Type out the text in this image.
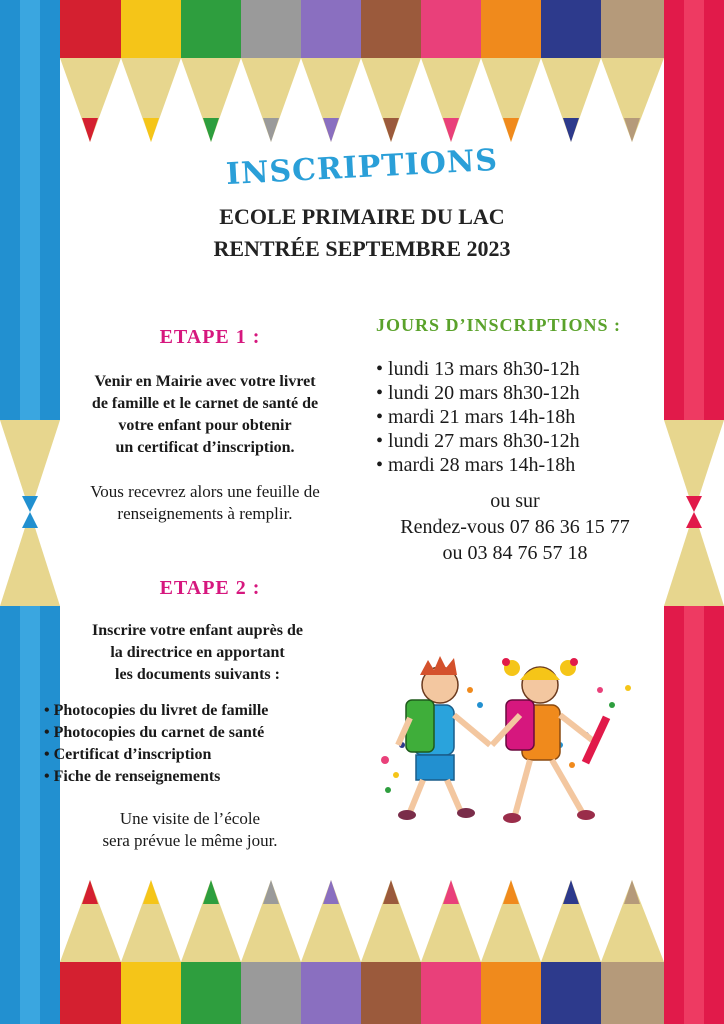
INSCRIPTIONS
ECOLE PRIMAIRE DU LAC
RENTRÉE SEPTEMBRE 2023
ETAPE 1 :
Venir en Mairie avec votre livret
de famille et le carnet de santé de
votre enfant pour obtenir
un certificat d’inscription.
Vous recevrez alors une feuille de
renseignements à remplir.
ETAPE 2 :
Inscrire votre enfant auprès de
la directrice en apportant
les documents suivants :
• Photocopies du livret de famille
• Photocopies du carnet de santé
• Certificat d’inscription
• Fiche de renseignements
Une visite de l’école
sera prévue le même jour.
JOURS D’INSCRIPTIONS :
• lundi 13 mars 8h30-12h
• lundi 20 mars 8h30-12h
• mardi 21 mars 14h-18h
• lundi 27 mars 8h30-12h
• mardi 28 mars 14h-18h
ou sur
Rendez-vous 07 86 36 15 77
ou 03 84 76 57 18
